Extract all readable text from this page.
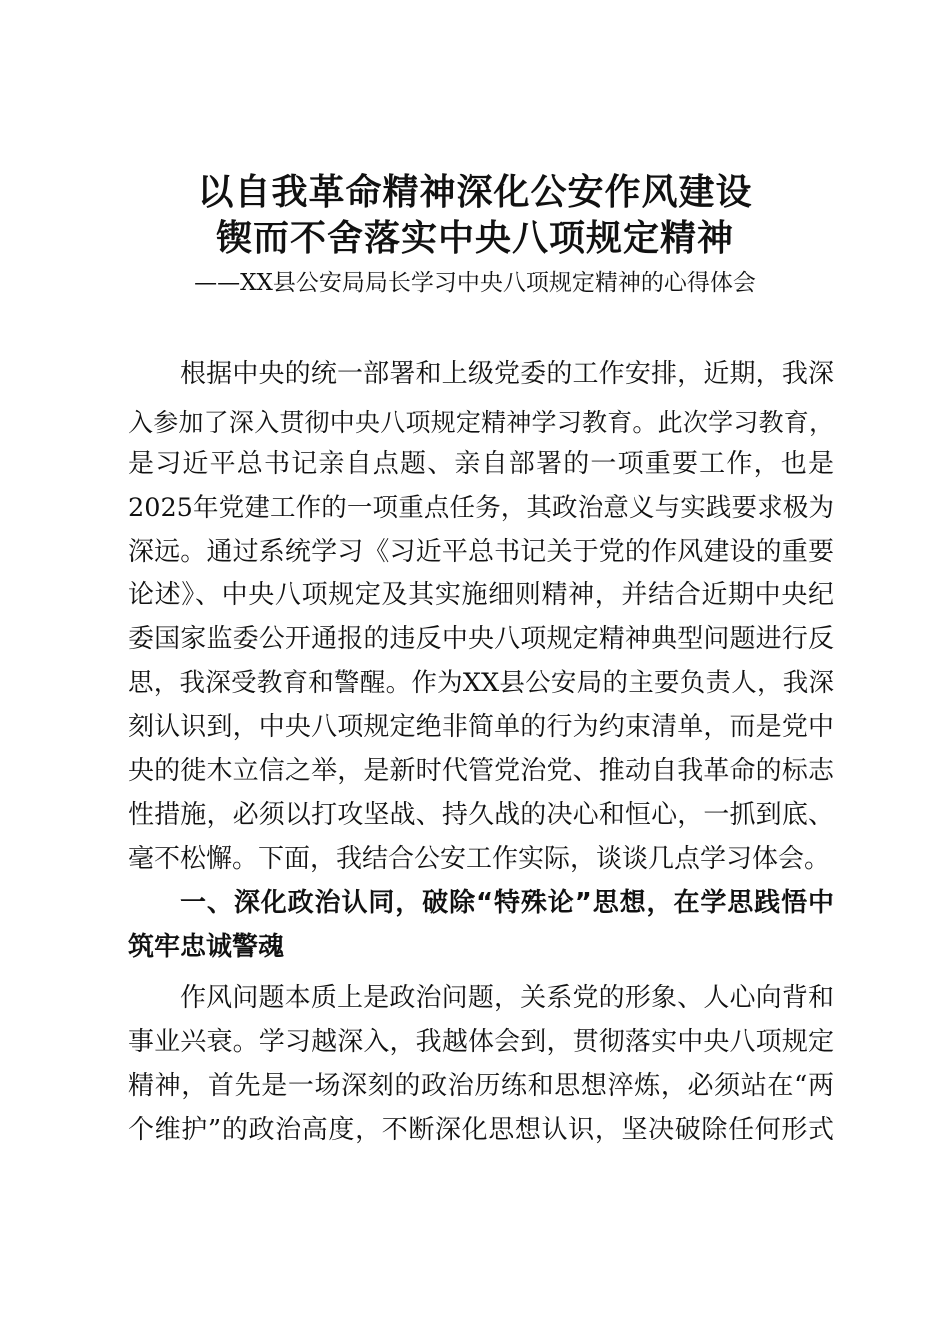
以自我革命精神深化公安作风建设
锲而不舍落实中央八项规定精神

——XX县公安局局长学习中央八项规定精神的心得体会

根据中央的统一部署和上级党委的工作安排，近期，我深

入参加了深入贯彻中央八项规定精神学习教育。此次学习教育，

是习近平总书记亲自点题、亲自部署的一项重要工作，也是

2025年党建工作的一项重点任务，其政治意义与实践要求极为

深远。通过系统学习《习近平总书记关于党的作风建设的重要

论述》、中央八项规定及其实施细则精神，并结合近期中央纪

委国家监委公开通报的违反中央八项规定精神典型问题进行反

思，我深受教育和警醒。作为XX县公安局的主要负责人，我深

刻认识到，中央八项规定绝非简单的行为约束清单，而是党中

央的徙木立信之举，是新时代管党治党、推动自我革命的标志

性措施，必须以打攻坚战、持久战的决心和恒心，一抓到底、

毫不松懈。下面，我结合公安工作实际，谈谈几点学习体会。

一、深化政治认同，破除“特殊论”思想，在学思践悟中

筑牢忠诚警魂

作风问题本质上是政治问题，关系党的形象、人心向背和

事业兴衰。学习越深入，我越体会到，贯彻落实中央八项规定

精神，首先是一场深刻的政治历练和思想淬炼，必须站在“两

个维护”的政治高度，不断深化思想认识，坚决破除任何形式
